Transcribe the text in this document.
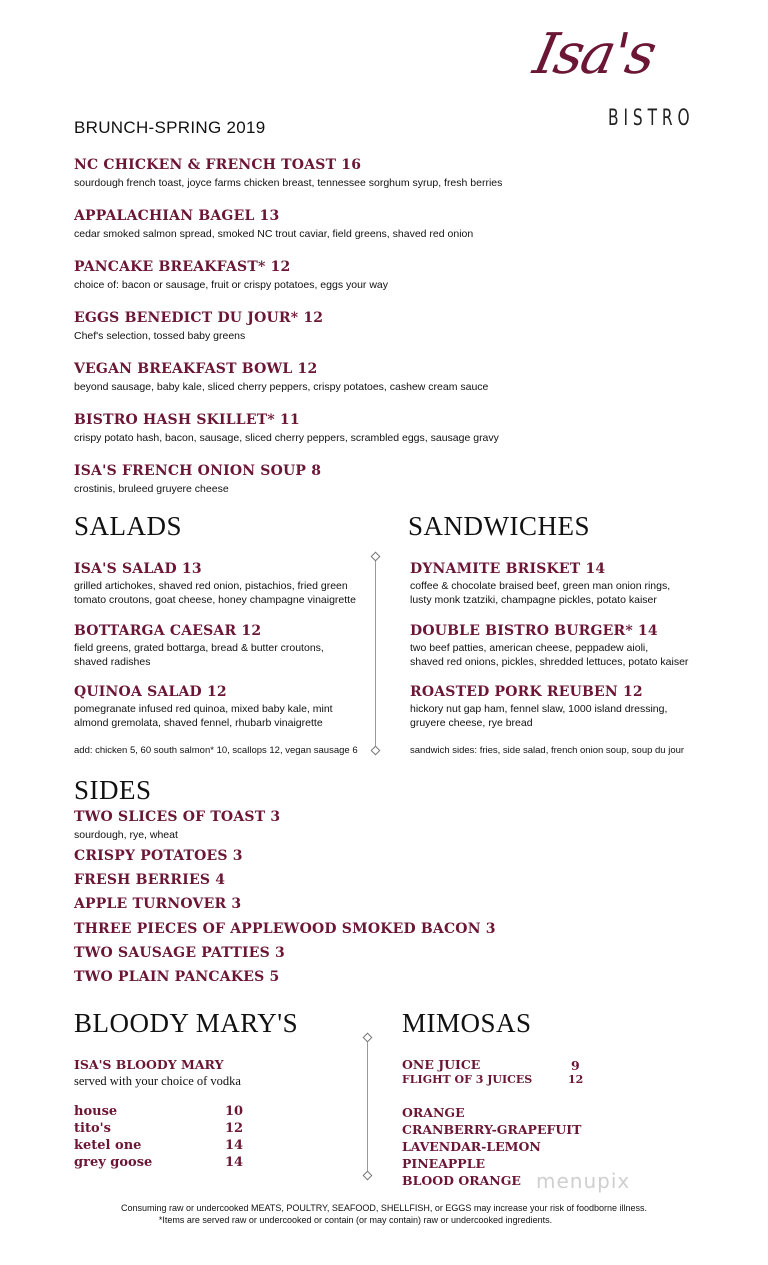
Isa's
BISTRO
BRUNCH-SPRING 2019
NC CHICKEN & FRENCH TOAST 16
sourdough french toast, joyce farms chicken breast, tennessee sorghum syrup, fresh berries
APPALACHIAN BAGEL 13
cedar smoked salmon spread, smoked NC trout caviar, field greens, shaved red onion
PANCAKE BREAKFAST* 12
choice of: bacon or sausage, fruit or crispy potatoes, eggs your way
EGGS BENEDICT DU JOUR* 12
Chef's selection, tossed baby greens
VEGAN BREAKFAST BOWL 12
beyond sausage, baby kale, sliced cherry peppers, crispy potatoes, cashew cream sauce
BISTRO HASH SKILLET* 11
crispy potato hash, bacon, sausage, sliced cherry peppers, scrambled eggs, sausage gravy
ISA'S FRENCH ONION SOUP 8
crostinis, bruleed gruyere cheese
SALADS	SANDWICHES
ISA'S SALAD 13
grilled artichokes, shaved red onion, pistachios, fried green
tomato croutons, goat cheese, honey champagne vinaigrette
BOTTARGA CAESAR 12
field greens, grated bottarga, bread & butter croutons,
shaved radishes
QUINOA SALAD 12
pomegranate infused red quinoa, mixed baby kale, mint
almond gremolata, shaved fennel, rhubarb vinaigrette
add: chicken 5, 60 south salmon* 10, scallops 12, vegan sausage 6
DYNAMITE BRISKET 14
coffee & chocolate braised beef, green man onion rings,
lusty monk tzatziki, champagne pickles, potato kaiser
DOUBLE BISTRO BURGER* 14
two beef patties, american cheese, peppadew aioli,
shaved red onions, pickles, shredded lettuces, potato kaiser
ROASTED PORK REUBEN 12
hickory nut gap ham, fennel slaw, 1000 island dressing,
gruyere cheese, rye bread
sandwich sides: fries, side salad, french onion soup, soup du jour
SIDES
TWO SLICES OF TOAST 3
sourdough, rye, wheat
CRISPY POTATOES 3
FRESH BERRIES 4
APPLE TURNOVER 3
THREE PIECES OF APPLEWOOD SMOKED BACON 3
TWO SAUSAGE PATTIES 3
TWO PLAIN PANCAKES 5
BLOODY MARY'S	MIMOSAS
ISA'S BLOODY MARY
served with your choice of vodka
house	10
tito's	12
ketel one	14
grey goose	14
ONE JUICE	9
FLIGHT OF 3 JUICES	12
ORANGE
CRANBERRY-GRAPEFUIT
LAVENDAR-LEMON
PINEAPPLE
BLOOD ORANGE menupix
Consuming raw or undercooked MEATS, POULTRY, SEAFOOD, SHELLFISH, or EGGS may increase your risk of foodborne illness.
*Items are served raw or undercooked or contain (or may contain) raw or undercooked ingredients.
